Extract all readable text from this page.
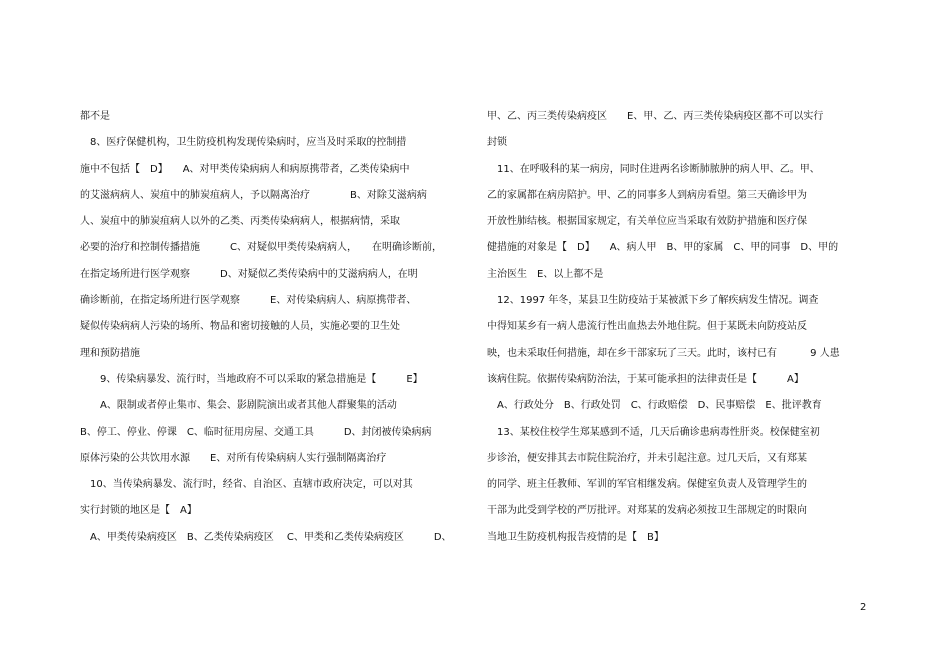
都不是
　8、医疗保健机构，卫生防疫机构发现传染病时，应当及时采取的控制措
施中不包括【　D】　　A、对甲类传染病病人和病原携带者，乙类传染病中
的艾滋病病人、炭疽中的肺炭疽病人，予以隔离治疗　　　　B、对除艾滋病病
人、炭疽中的肺炭疽病人以外的乙类、丙类传染病病人，根据病情，采取
必要的治疗和控制传播措施　　　C、对疑似甲类传染病病人，　　在明确诊断前，
在指定场所进行医学观察　　　D、对疑似乙类传染病中的艾滋病病人，在明
确诊断前，在指定场所进行医学观察　　　E、对传染病病人、病原携带者、
疑似传染病病人污染的场所、物品和密切接触的人员，实施必要的卫生处
理和预防措施
　　9、传染病暴发、流行时，当地政府不可以采取的紧急措施是【　　　E】
　　A、限制或者停止集市、集会、影剧院演出或者其他人群聚集的活动
B、停工、停业、停课　C、临时征用房屋、交通工具　　　D、封闭被传染病病
原体污染的公共饮用水源　　E、对所有传染病病人实行强制隔离治疗
　10、当传染病暴发、流行时，经省、自治区、直辖市政府决定，可以对其
实行封锁的地区是【　A】
　A、甲类传染病疫区　B、乙类传染病疫区　 C、甲类和乙类传染病疫区　　　D、
甲、乙、丙三类传染病疫区　　E、甲、乙、丙三类传染病疫区都不可以实行
封锁
　11、在呼吸科的某一病房，同时住进两名诊断肺脓肿的病人甲、乙。甲、
乙的家属都在病房陪护。甲、乙的同事多人到病房看望。第三天确诊甲为
开放性肺结核。根据国家规定，有关单位应当采取有效防护措施和医疗保
健措施的对象是【　D】　　A、病人甲　B、甲的家属　C、甲的同事　D、甲的
主治医生　E、以上都不是
　12、1997 年冬，某县卫生防疫站于某被派下乡了解疾病发生情况。调查
中得知某乡有一病人患流行性出血热去外地住院。但于某既未向防疫站反
映，也未采取任何措施，却在乡干部家玩了三天。此时，该村已有　　　 9 人患
该病住院。依据传染病防治法，于某可能承担的法律责任是【　　　A】
　A、行政处分　B、行政处罚　C、行政赔偿　D、民事赔偿　E、批评教育
　13、某校住校学生郑某感到不适，几天后确诊患病毒性肝炎。校保健室初
步诊治，便安排其去市院住院治疗，并未引起注意。过几天后，又有郑某
的同学、班主任教师、军训的军官相继发病。保健室负责人及管理学生的
干部为此受到学校的严厉批评。对郑某的发病必须按卫生部规定的时限向
当地卫生防疫机构报告疫情的是【　B】
2
